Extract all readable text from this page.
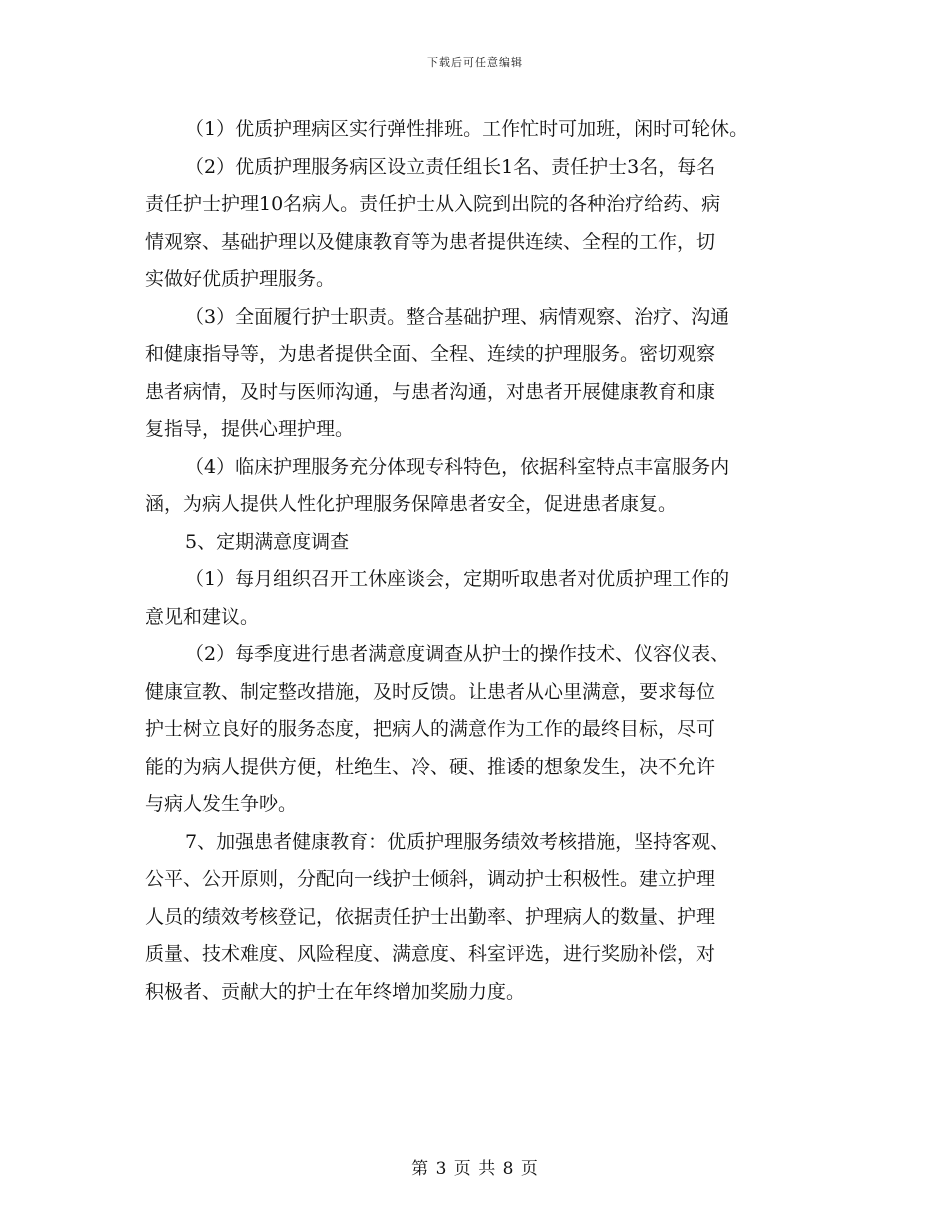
下载后可任意编辑
（1）优质护理病区实行弹性排班。工作忙时可加班，闲时可轮休。
（2）优质护理服务病区设立责任组长1名、责任护士3名，每名
责任护士护理10名病人。责任护士从入院到出院的各种治疗给药、病
情观察、基础护理以及健康教育等为患者提供连续、全程的工作，切
实做好优质护理服务。
（3）全面履行护士职责。整合基础护理、病情观察、治疗、沟通
和健康指导等，为患者提供全面、全程、连续的护理服务。密切观察
患者病情，及时与医师沟通，与患者沟通，对患者开展健康教育和康
复指导，提供心理护理。
（4）临床护理服务充分体现专科特色，依据科室特点丰富服务内
涵，为病人提供人性化护理服务保障患者安全，促进患者康复。
5、定期满意度调查
（1）每月组织召开工休座谈会，定期听取患者对优质护理工作的
意见和建议。
（2）每季度进行患者满意度调查从护士的操作技术、仪容仪表、
健康宣教、制定整改措施，及时反馈。让患者从心里满意，要求每位
护士树立良好的服务态度，把病人的满意作为工作的最终目标，尽可
能的为病人提供方便，杜绝生、冷、硬、推诿的想象发生，决不允许
与病人发生争吵。
7、加强患者健康教育：优质护理服务绩效考核措施，坚持客观、
公平、公开原则，分配向一线护士倾斜，调动护士积极性。建立护理
人员的绩效考核登记，依据责任护士出勤率、护理病人的数量、护理
质量、技术难度、风险程度、满意度、科室评选，进行奖励补偿，对
积极者、贡献大的护士在年终增加奖励力度。
第 3 页 共 8 页
